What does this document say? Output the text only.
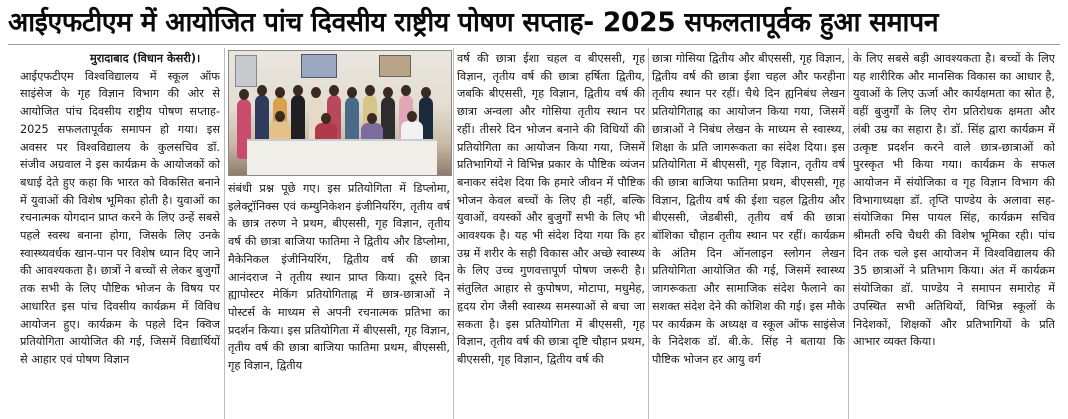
आईएफटीएम में आयोजित पांच दिवसीय राष्ट्रीय पोषण सप्ताह- 2025 सफलतापूर्वक हुआ समापन

मुरादाबाद (विधान केसरी)।

आईएफटीएम विश्वविद्यालय में स्कूल ऑफ साइंसेज के गृह विज्ञान विभाग की ओर से आयोजित पांच दिवसीय राष्ट्रीय पोषण सप्ताह- 2025 सफलतापूर्वक समापन हो गया। इस अवसर पर विश्वविद्यालय के कुलसचिव डॉ. संजीव अग्रवाल ने इस कार्यक्रम के आयोजकों को बधाई देते हुए कहा कि भारत को विकसित बनाने में युवाओं की विशेष भूमिका होती है। युवाओं का रचनात्मक योगदान प्राप्त करने के लिए उन्हें सबसे पहले स्वस्थ बनाना होगा, जिसके लिए उनके स्वास्थ्यवर्धक खान-पान पर विशेष ध्यान दिए जाने की आवश्यकता है। छात्रों ने बच्चों से लेकर बुजुर्गों तक सभी के लिए पौष्टिक भोजन के विषय पर आधारित इस पांच दिवसीय कार्यक्रम में विविध आयोजन हुए। कार्यक्रम के पहले दिन क्विज प्रतियोगिता आयोजित की गई, जिसमें विद्यार्थियों से आहार एवं पोषण विज्ञान

संबंधी प्रश्न पूछे गए। इस प्रतियोगिता में डिप्लोमा, इलेक्ट्रॉनिक्स एवं कम्युनिकेशन इंजीनियरिंग, तृतीय वर्ष के छात्र तरुण ने प्रथम, बीएससी, गृह विज्ञान, तृतीय वर्ष की छात्रा बाजिया फातिमा ने द्वितीय और डिप्लोमा, मैकेनिकल इंजीनियरिंग, द्वितीय वर्ष की छात्रा आनंदराज ने तृतीय स्थान प्राप्त किया। दूसरे दिन ह्यापोस्टर मेकिंग प्रतियोगिताह्न में छात्र-छात्राओं ने पोस्टर्स के माध्यम से अपनी रचनात्मक प्रतिभा का प्रदर्शन किया। इस प्रतियोगिता में बीएससी, गृह विज्ञान, तृतीय वर्ष की छात्रा बाजिया फातिमा प्रथम, बीएससी, गृह विज्ञान, द्वितीय

वर्ष की छात्रा ईशा चहल व बीएससी, गृह विज्ञान, तृतीय वर्ष की छात्रा हर्षिता द्वितीय, जबकि बीएससी, गृह विज्ञान, द्वितीय वर्ष की छात्रा अन्वला और गोसिया तृतीय स्थान पर रहीं। तीसरे दिन भोजन बनाने की विधियों की प्रतियोगिता का आयोजन किया गया, जिसमें प्रतिभागियों ने विभिन्न प्रकार के पौष्टिक व्यंजन बनाकर संदेश दिया कि हमारे जीवन में पौष्टिक भोजन केवल बच्चों के लिए ही नहीं, बल्कि युवाओं, वयस्कों और बुजुर्गों सभी के लिए भी आवश्यक है। यह भी संदेश दिया गया कि हर उम्र में शरीर के सही विकास और अच्छे स्वास्थ्य के लिए उच्च गुणवत्तापूर्ण पोषण जरूरी है। संतुलित आहार से कुपोषण, मोटापा, मधुमेह, हृदय रोग जैसी स्वास्थ्य समस्याओं से बचा जा सकता है। इस प्रतियोगिता में बीएससी, गृह विज्ञान, तृतीय वर्ष की छात्रा दृष्टि चौहान प्रथम, बीएससी, गृह विज्ञान, द्वितीय वर्ष की

छात्रा गोसिया द्वितीय और बीएससी, गृह विज्ञान, द्वितीय वर्ष की छात्रा ईशा चहल और फरहीना तृतीय स्थान पर रहीं। चैथे दिन ह्यनिबंध लेखन प्रतियोगिताह्न का आयोजन किया गया, जिसमें छात्राओं ने निबंध लेखन के माध्यम से स्वास्थ्य, शिक्षा के प्रति जागरूकता का संदेश दिया। इस प्रतियोगिता में बीएससी, गृह विज्ञान, तृतीय वर्ष की छात्रा बाजिया फातिमा प्रथम, बीएससी, गृह विज्ञान, द्वितीय वर्ष की ईशा चहल द्वितीय और बीएससी, जेडबीसी, तृतीय वर्ष की छात्रा बॉशिका चौहान तृतीय स्थान पर रहीं। कार्यक्रम के अंतिम दिन ऑनलाइन स्लोगन लेखन प्रतियोगिता आयोजित की गई, जिसमें स्वास्थ्य जागरूकता और सामाजिक संदेश फैलाने का सशक्त संदेश देने की कोशिश की गई। इस मौके पर कार्यक्रम के अध्यक्ष व स्कूल ऑफ साइंसेज के निदेशक डॉ. बी.के. सिंह ने बताया कि पौष्टिक भोजन हर आयु वर्ग

के लिए सबसे बड़ी आवश्यकता है। बच्चों के लिए यह शारीरिक और मानसिक विकास का आधार है, युवाओं के लिए ऊर्जा और कार्यक्षमता का स्रोत है, वहीं बुजुर्गों के लिए रोग प्रतिरोधक क्षमता और लंबी उम्र का सहारा है। डॉ. सिंह द्वारा कार्यक्रम में उत्कृष्ट प्रदर्शन करने वाले छात्र-छात्राओं को पुरस्कृत भी किया गया। कार्यक्रम के सफल आयोजन में संयोजिका व गृह विज्ञान विभाग की विभागाध्यक्षा डॉ. तृप्ति पाण्डेय के अलावा सह-संयोजिका मिस पायल सिंह, कार्यक्रम सचिव श्रीमती रुचि चैधरी की विशेष भूमिका रही। पांच दिन तक चले इस आयोजन में विश्वविद्यालय की 35 छात्राओं ने प्रतिभाग किया। अंत में कार्यक्रम संयोजिका डॉ. पाण्डेय ने समापन समारोह में उपस्थित सभी अतिथियों, विभिन्न स्कूलों के निदेशकों, शिक्षकों और प्रतिभागियों के प्रति आभार व्यक्त किया।
